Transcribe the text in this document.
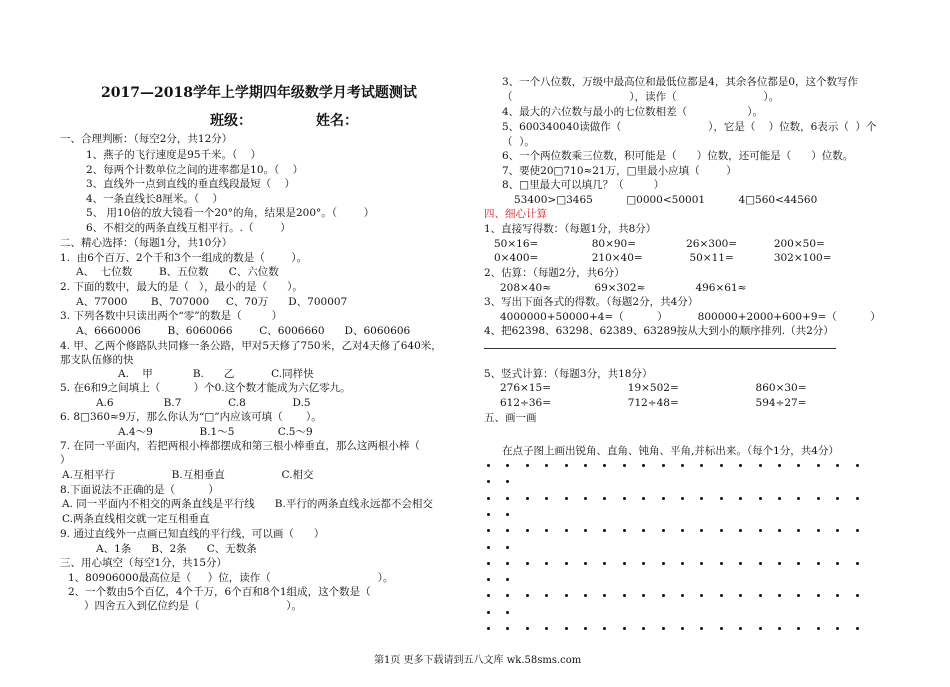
2017—2018学年上学期四年级数学月考试题测试
班级：	姓名：
一、合理判断：（每空2分，共12分）
1、燕子的飞行速度是95千米。（    ）
2、每两个计数单位之间的进率都是10。（    ）
3、直线外一点到直线的垂直线段最短（    ）
4、一条直线长8厘米。（    ）
5、 用10倍的放大镜看一个20°的角，结果是200°。（        ）
6、不相交的两条直线互相平行。.（        ）
二、精心选择：（每题1分，共10分）
1.  由6个百万、2个千和3个一组成的数是（        ）。
A、  七位数        B、五位数      C、六位数
2. 下面的数中，最大的是（   ），最小的是（      ）。
A、77000       B、707000     C、70万      D、700007
3. 下列各数中只读出两个“零”的数是（         ）
A、6660006        B、6060066        C、6006660      D、6060606
4. 甲、乙两个修路队共同修一条公路，甲对5天修了750米，乙对4天修了640米，
那支队伍修的快
A.    甲            B.      乙           C.同样快
5. 在6和9之间填上（          ）个0.这个数才能成为六亿零九。
A.6               B.7              C.8              D.5
6. 8□360≈9万，那么你认为“□”内应该可填（       ）。
A.4～9              B.1～5             C.5～9
7. 在同一平面内，若把两根小棒都摆成和第三根小棒垂直，那么这两根小棒（
）
A.互相平行                 B.互相垂直                 C.相交
8.下面说法不正确的是（          ）
A. 同一平面内不相交的两条直线是平行线      B.平行的两条直线永远都不会相交
C.两条直线相交就一定互相垂直
9. 通过直线外一点画已知直线的平行线，可以画（      ）
A、1条      B、2条      C、无数条
三、用心填空（每空1分，共15分）
1、80906000最高位是（     ）位，读作（                                ）。
2、一个数由5个百亿，4个千万，6个百和8个1组成，这个数是（
）四舍五入到亿位约是（                          ）。
3、一个八位数，万级中最高位和最低位都是4，其余各位都是0，这个数写作
（                                   ），读作（                          ）。
4、最大的六位数与最小的七位数相差（                  ）。
5、600340040读做作（                          ），它是（    ）位数，6表示（  ）个
（  ）。
6、一个两位数乘三位数，积可能是（      ）位数，还可能是（      ）位数。
7、要使20□710≈21万，□里最小应填（        ）
8、□里最大可以填几？（         ）
53400>□3465          □0000<50001          4□560<44560
四、细心计算
1、直接写得数：（每题1分，共8分）
50×16=                80×90=               26×300=           200×50=
0×400=                210×40=              50×11=            302×100=
2、估算：（每题2分，共6分）
208×40≈             69×302≈               496×61≈
3、写出下面各式的得数。（每题2分，共4分）
4000000+50000+4=（          ）         800000+2000+600+9=（          ）
4、把62398、63298、62389、63289按从大到小的顺序排列.（共2分）
5、竖式计算：（每题3分，共18分）
276×15=                       19×502=                       860×30=
612÷36=                       712÷48=                       594÷27=
五、画一画
在点子图上画出锐角、直角、钝角、平角,并标出来。（每个1分，共4分）
第1页 更多下载请到五八文库 wk.58sms.com
